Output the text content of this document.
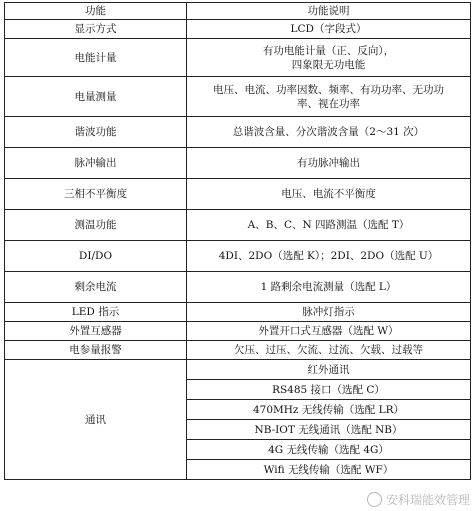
功能	功能说明
显示方式	LCD（字段式）
电能计量	有功电能计量（正、反向），
四象限无功电能

电量测量	电压、电流、功率因数、频率、有功功率、无功功
率、视在功率

谐波功能	总谐波含量、分次谐波含量（2～31 次）
脉冲输出	有功脉冲输出
三相不平衡度	电压、电流不平衡度
测温功能	A、B、C、N 四路测温（选配 T）
DI/DO	4DI、2DO（选配 K）；2DI、2DO（选配 U）
剩余电流	1 路剩余电流测量（选配 L）
LED 指示	脉冲灯指示
外置互感器	外置开口式互感器（选配 W）
电参量报警	欠压、过压、欠流、过流、欠载、过载等
通讯	红外通讯
	RS485 接口（选配 C）
	470MHz 无线传输（选配 LR）
	NB-IOT 无线通讯（选配 NB）
	4G 无线传输（选配 4G）
	Wifi 无线传输（选配 WF）
安科瑞能效管理
